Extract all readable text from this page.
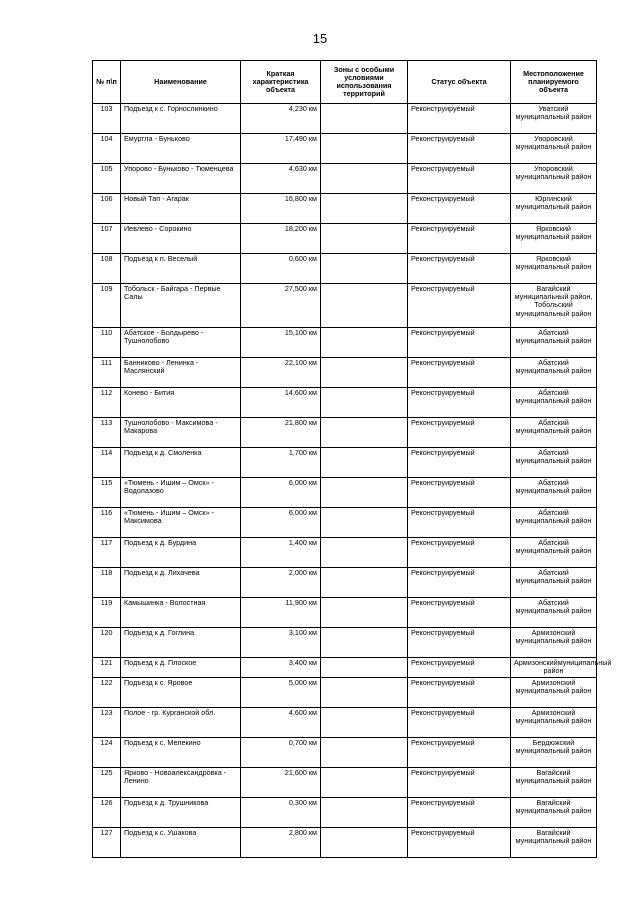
15
№ п\п	Наименование	Краткая характеристика объекта	Зоны с особыми условиями использования территорий	Статус объекта	Местоположение планируемого объекта
103	Подъезд к с. Горнослинкино	4,230 км		Реконструируемый	Уватский муниципальный район
104	Емуртла - Буньково	17,490 км		Реконструируемый	Упоровский муниципальный район
105	Упорово - Буньково - Тюменцева	4,630 км		Реконструируемый	Упоровский муниципальный район
106	Новый Тап - Агарак	16,800 км		Реконструируемый	Юргинский муниципальный район
107	Иевлево - Сорокино	18,200 км		Реконструируемый	Ярковский муниципальный район
108	Подъезд к п. Веселый	0,600 км		Реконструируемый	Ярковский муниципальный район
109	Тобольск - Байгара - Первые Салы	27,500 км		Реконструируемый	Вагайский муниципальный район, Тобольский муниципальный район
110	Абатское - Болдырево - Тушнолобово	15,100 км		Реконструируемый	Абатский муниципальный район
111	Банниково - Ленинка - Маслянский	22,100 км		Реконструируемый	Абатский муниципальный район
112	Конево - Бития	14,600 км		Реконструируемый	Абатский муниципальный район
113	Тушнолобово - Максимова - Макарова	21,800 км		Реконструируемый	Абатский муниципальный район
114	Подъезд к д. Смоленка	1,700 км		Реконструируемый	Абатский муниципальный район
115	«Тюмень - Ишим – Омск» - Водолазово	6,000 км		Реконструируемый	Абатский муниципальный район
116	«Тюмень - Ишим – Омск» - Максимова	6,000 км		Реконструируемый	Абатский муниципальный район
117	Подъезд к д. Бурдина	1,400 км		Реконструируемый	Абатский муниципальный район
118	Подъезд к д. Лихачева	2,000 км		Реконструируемый	Абатский муниципальный район
119	Камышинка - Волостная	11,900 км		Реконструируемый	Абатский муниципальный район
120	Подъезд к д. Гоглина	3,100 км		Реконструируемый	Армизонский муниципальный район
121	Подъезд к д. Плоское	3,400 км		Реконструируемый	Армизонскиймуниципальный район
122	Подъезд к с. Яровое	5,000 км		Реконструируемый	Армизонский муниципальный район
123	Полое - гр. Курганской обл.	4,600 км		Реконструируемый	Армизонский муниципальный район
124	Подъезд к с. Мелекино	0,700 км		Реконструируемый	Бердюжский муниципальный район
125	Ярково - Новоалександровка - Ленино	21,600 км		Реконструируемый	Вагайский муниципальный район
126	Подъезд к д. Трушникова	0,300 км		Реконструируемый	Вагайский муниципальный район
127	Подъезд к с. Ушакова	2,800 км		Реконструируемый	Вагайский муниципальный район
